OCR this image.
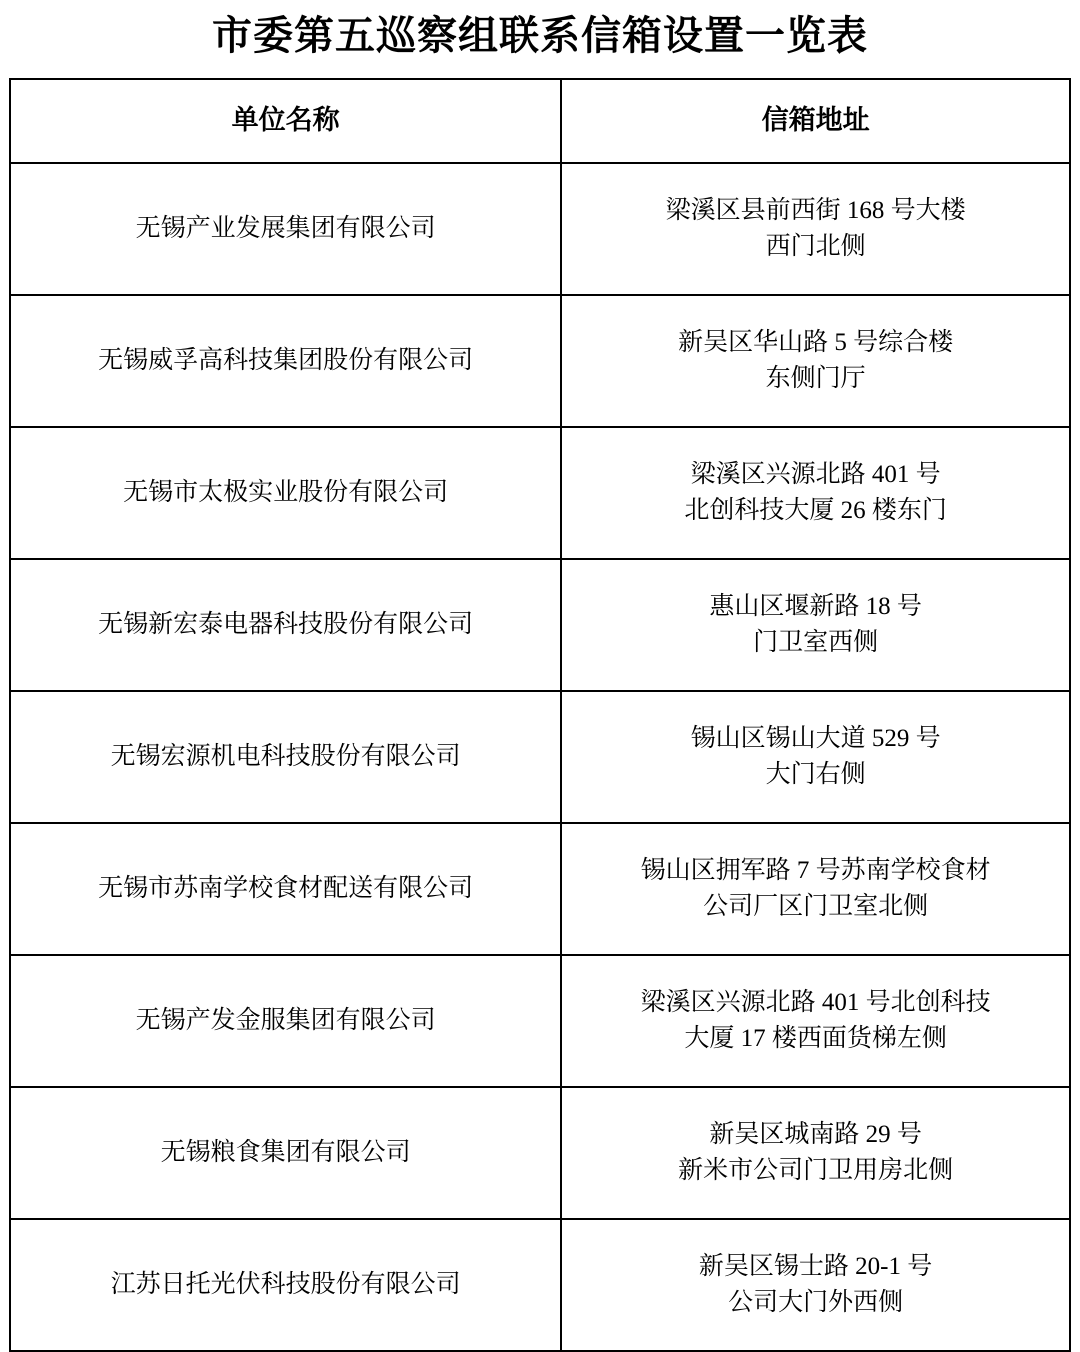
市委第五巡察组联系信箱设置一览表
单位名称	信箱地址
无锡产业发展集团有限公司	梁溪区县前西街 168 号大楼
西门北侧

无锡威孚高科技集团股份有限公司	新吴区华山路 5 号综合楼
东侧门厅

无锡市太极实业股份有限公司	梁溪区兴源北路 401 号
北创科技大厦 26 楼东门

无锡新宏泰电器科技股份有限公司	惠山区堰新路 18 号
门卫室西侧

无锡宏源机电科技股份有限公司	锡山区锡山大道 529 号
大门右侧

无锡市苏南学校食材配送有限公司	锡山区拥军路 7 号苏南学校食材
公司厂区门卫室北侧

无锡产发金服集团有限公司	梁溪区兴源北路 401 号北创科技
大厦 17 楼西面货梯左侧

无锡粮食集团有限公司	新吴区城南路 29 号
新米市公司门卫用房北侧

江苏日托光伏科技股份有限公司	新吴区锡士路 20-1 号
公司大门外西侧
